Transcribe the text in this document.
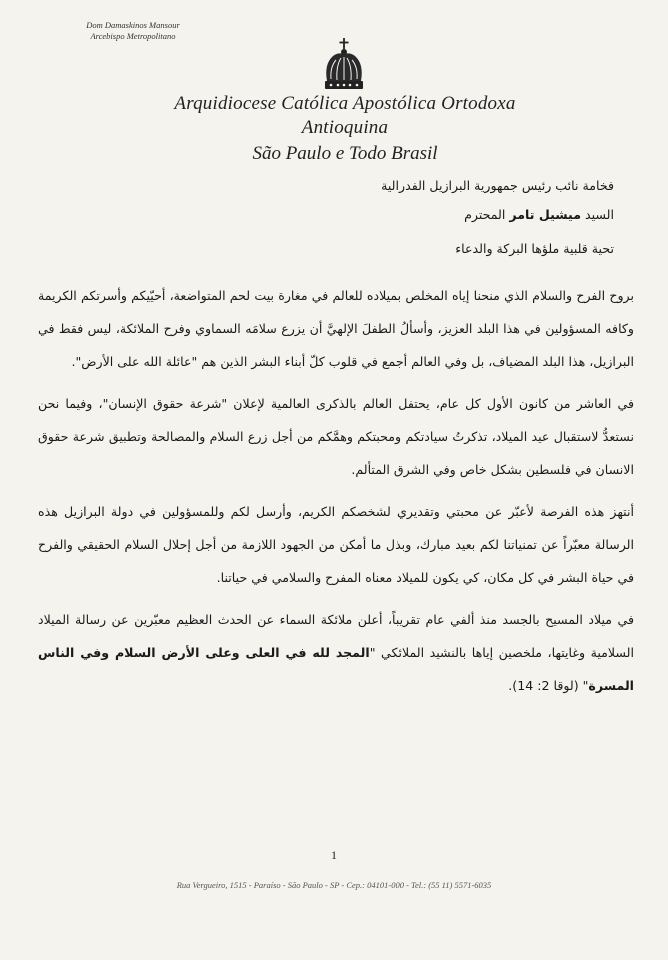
Dom Damaskinos Mansour
Arcebispo Metropolitano
Arquidiocese Católica Apostólica Ortodoxa Antioquina
São Paulo e Todo Brasil

فخامة نائب رئيس جمهورية البرازيل الفدرالية

السيد ميشيل تامر المحترم

تحية قلبية ملؤها البركة والدعاء

بروح الفرح والسلام الذي منحنا إياه المخلص بميلاده للعالم في مغارة بيت لحم المتواضعة، أحيّيكم وأسرتكم الكريمة وكافه المسؤولين في هذا البلد العزيز، وأسألُ الطفلَ الإلهيَّ أن يزرع سلامَه السماوي وفرح الملائكة، ليس فقط في البرازيل، هذا البلد المضياف، بل وفي العالم أجمع في قلوب كلّ أبناء البشر الذين هم "عائلة الله على الأرض".

في العاشر من كانون الأول كل عام، يحتفل العالم بالذكرى العالمية لإعلان "شرعة حقوق الإنسان"، وفيما نحن نستعدُّ لاستقبال عيد الميلاد، تذكرتُ سيادتكم ومحبتكم وهمَّكم من أجل زرع السلام والمصالحة وتطبيق شرعة حقوق الانسان في فلسطين بشكل خاص وفي الشرق المتألم.

أنتهز هذه الفرصة لأعبّر عن محبتي وتقديري لشخصكم الكريم، وأرسل لكم وللمسؤولين في دولة البرازيل هذه الرسالة معبّراً عن تمنياتنا لكم بعيد مبارك، وبذل ما أمكن من الجهود اللازمة من أجل إحلال السلام الحقيقي والفرح في حياة البشر في كل مكان، كي يكون للميلاد معناه المفرح والسلامي في حياتنا.

في ميلاد المسيح بالجسد منذ ألفي عام تقريباً، أعلن ملائكة السماء عن الحدث العظيم معبّرين عن رسالة الميلاد السلامية وغايتها، ملخصين إياها بالنشيد الملائكي "المجد لله في العلى وعلى الأرض السلام وفي الناس المسرة" (لوقا 2: 14).

1
Rua Vergueiro, 1515 - Paraíso - São Paulo - SP - Cep.: 04101-000 - Tel.: (55 11) 5571-6035
